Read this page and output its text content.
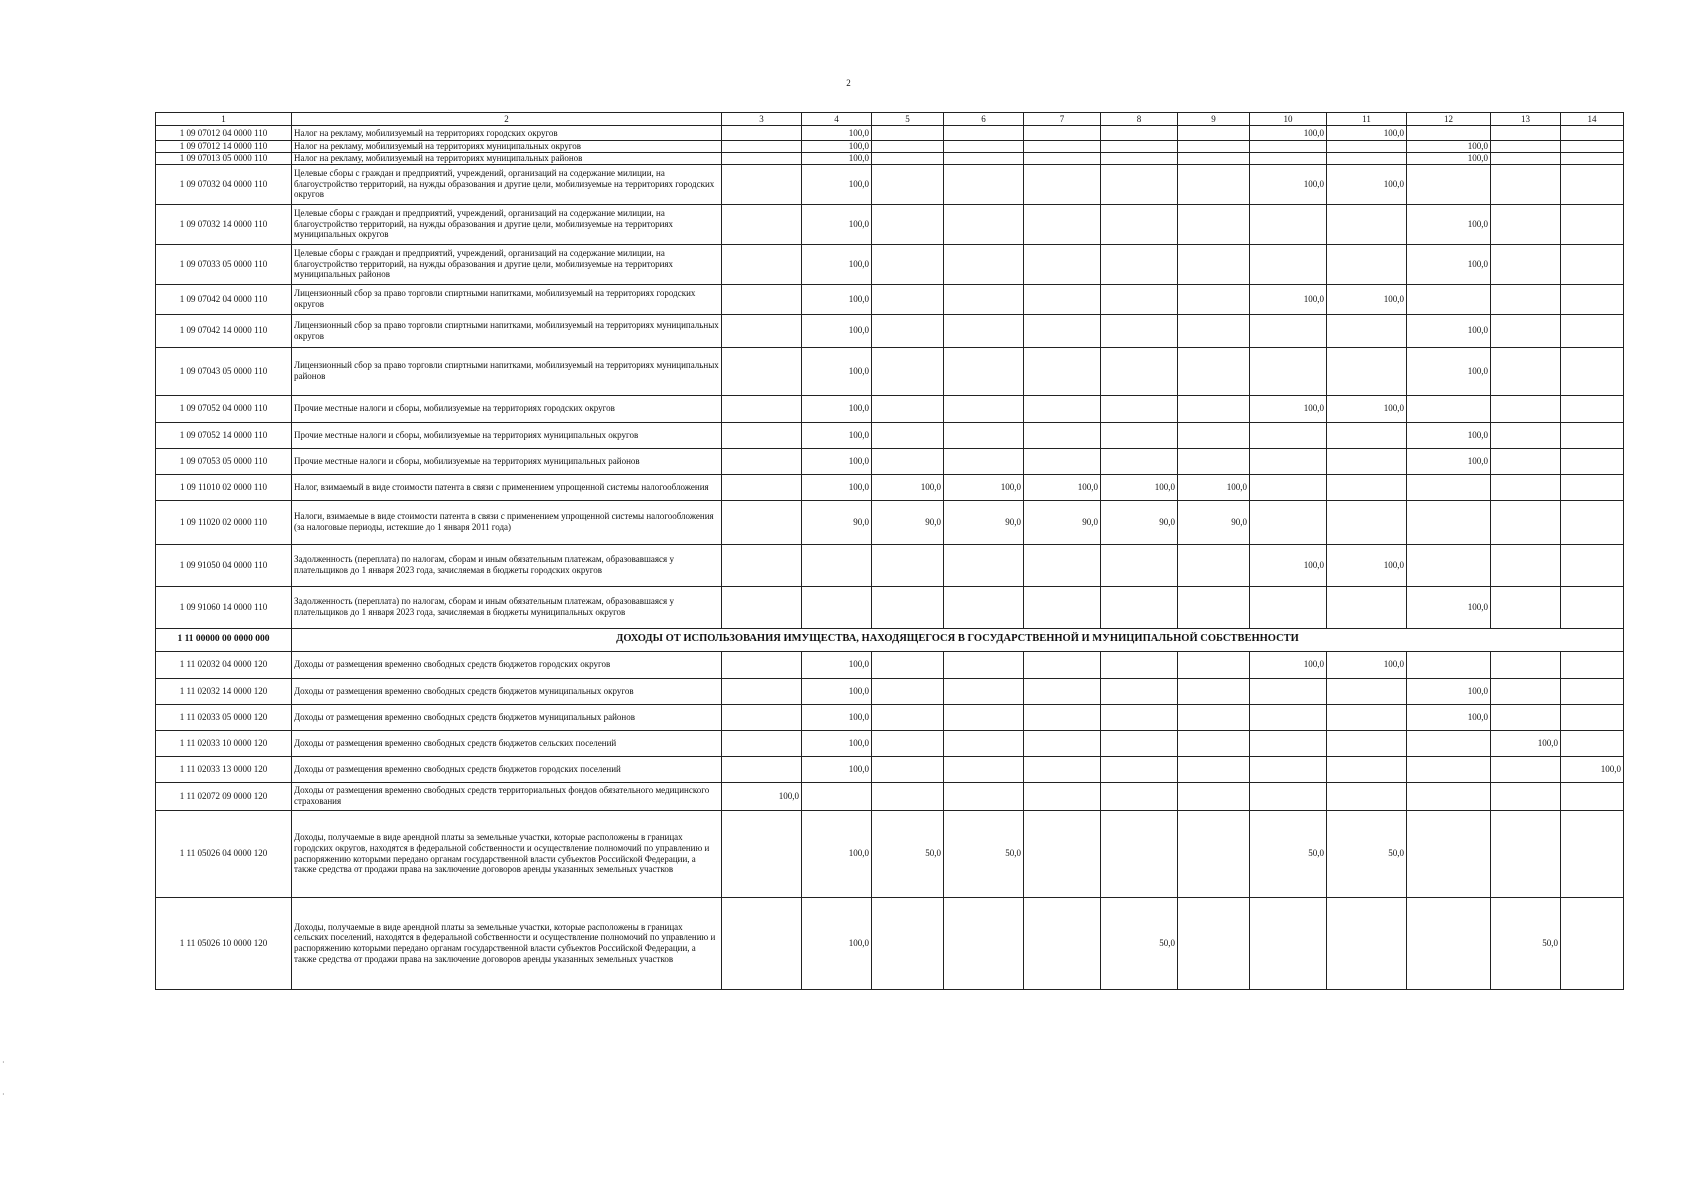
2
1	2	3	4	5	6	7	8	9	10	11	12	13	14
1 09 07012 04 0000 110	Налог на рекламу, мобилизуемый на территориях городских округов		100,0						100,0	100,0			
1 09 07012 14 0000 110	Налог на рекламу, мобилизуемый на территориях муниципальных округов		100,0								100,0		
1 09 07013 05 0000 110	Налог на рекламу, мобилизуемый на территориях муниципальных районов		100,0								100,0		
1 09 07032 04 0000 110	Целевые сборы с граждан и предприятий, учреждений, организаций на содержание милиции, на благоустройство территорий, на нужды образования и другие цели, мобилизуемые на территориях городских округов		100,0						100,0	100,0			
1 09 07032 14 0000 110	Целевые сборы с граждан и предприятий, учреждений, организаций на содержание милиции, на благоустройство территорий, на нужды образования и другие цели, мобилизуемые на территориях муниципальных округов		100,0								100,0		
1 09 07033 05 0000 110	Целевые сборы с граждан и предприятий, учреждений, организаций на содержание милиции, на благоустройство территорий, на нужды образования и другие цели, мобилизуемые на территориях муниципальных районов		100,0								100,0		
1 09 07042 04 0000 110	Лицензионный сбор за право торговли спиртными напитками, мобилизуемый на территориях городских округов		100,0						100,0	100,0			
1 09 07042 14 0000 110	Лицензионный сбор за право торговли спиртными напитками, мобилизуемый на территориях муниципальных округов		100,0								100,0		
1 09 07043 05 0000 110	Лицензионный сбор за право торговли спиртными напитками, мобилизуемый на территориях муниципальных районов		100,0								100,0		
1 09 07052 04 0000 110	Прочие местные налоги и сборы, мобилизуемые на территориях городских округов		100,0						100,0	100,0			
1 09 07052 14 0000 110	Прочие местные налоги и сборы, мобилизуемые на территориях муниципальных округов		100,0								100,0		
1 09 07053 05 0000 110	Прочие местные налоги и сборы, мобилизуемые на территориях муниципальных районов		100,0								100,0		
1 09 11010 02 0000 110	Налог, взимаемый в виде стоимости патента в связи с применением упрощенной системы налогообложения		100,0	100,0	100,0	100,0	100,0	100,0					
1 09 11020 02 0000 110	Налоги, взимаемые в виде стоимости патента в связи с применением упрощенной системы налогообложения (за налоговые периоды, истекшие до 1 января 2011 года)		90,0	90,0	90,0	90,0	90,0	90,0					
1 09 91050 04 0000 110	Задолженность (переплата) по налогам, сборам и иным обязательным платежам, образовавшаяся у плательщиков до 1 января 2023 года, зачисляемая в бюджеты городских округов								100,0	100,0			
1 09 91060 14 0000 110	Задолженность (переплата) по налогам, сборам и иным обязательным платежам, образовавшаяся у плательщиков до 1 января 2023 года, зачисляемая в бюджеты муниципальных округов										100,0		
1 11 00000 00 0000 000	ДОХОДЫ ОТ ИСПОЛЬЗОВАНИЯ ИМУЩЕСТВА, НАХОДЯЩЕГОСЯ В ГОСУДАРСТВЕННОЙ И МУНИЦИПАЛЬНОЙ СОБСТВЕННОСТИ												
1 11 02032 04 0000 120	Доходы от размещения временно свободных средств бюджетов городских округов		100,0						100,0	100,0			
1 11 02032 14 0000 120	Доходы от размещения временно свободных средств бюджетов муниципальных округов		100,0								100,0		
1 11 02033 05 0000 120	Доходы от размещения временно свободных средств бюджетов муниципальных районов		100,0								100,0		
1 11 02033 10 0000 120	Доходы от размещения временно свободных средств бюджетов сельских поселений		100,0									100,0	
1 11 02033 13 0000 120	Доходы от размещения временно свободных средств бюджетов городских поселений		100,0										100,0
1 11 02072 09 0000 120	Доходы от размещения временно свободных средств территориальных фондов обязательного медицинского страхования	100,0											
1 11 05026 04 0000 120	Доходы, получаемые в виде арендной платы за земельные участки, которые расположены в границах городских округов, находятся в федеральной собственности и осуществление полномочий по управлению и распоряжению которыми передано органам государственной власти субъектов Российской Федерации, а также средства от продажи права на заключение договоров аренды указанных земельных участков		100,0	50,0	50,0				50,0	50,0			
1 11 05026 10 0000 120	Доходы, получаемые в виде арендной платы за земельные участки, которые расположены в границах сельских поселений, находятся в федеральной собственности и осуществление полномочий по управлению и распоряжению которыми передано органам государственной власти субъектов Российской Федерации, а также средства от продажи права на заключение договоров аренды указанных земельных участков		100,0				50,0					50,0	
·
·
